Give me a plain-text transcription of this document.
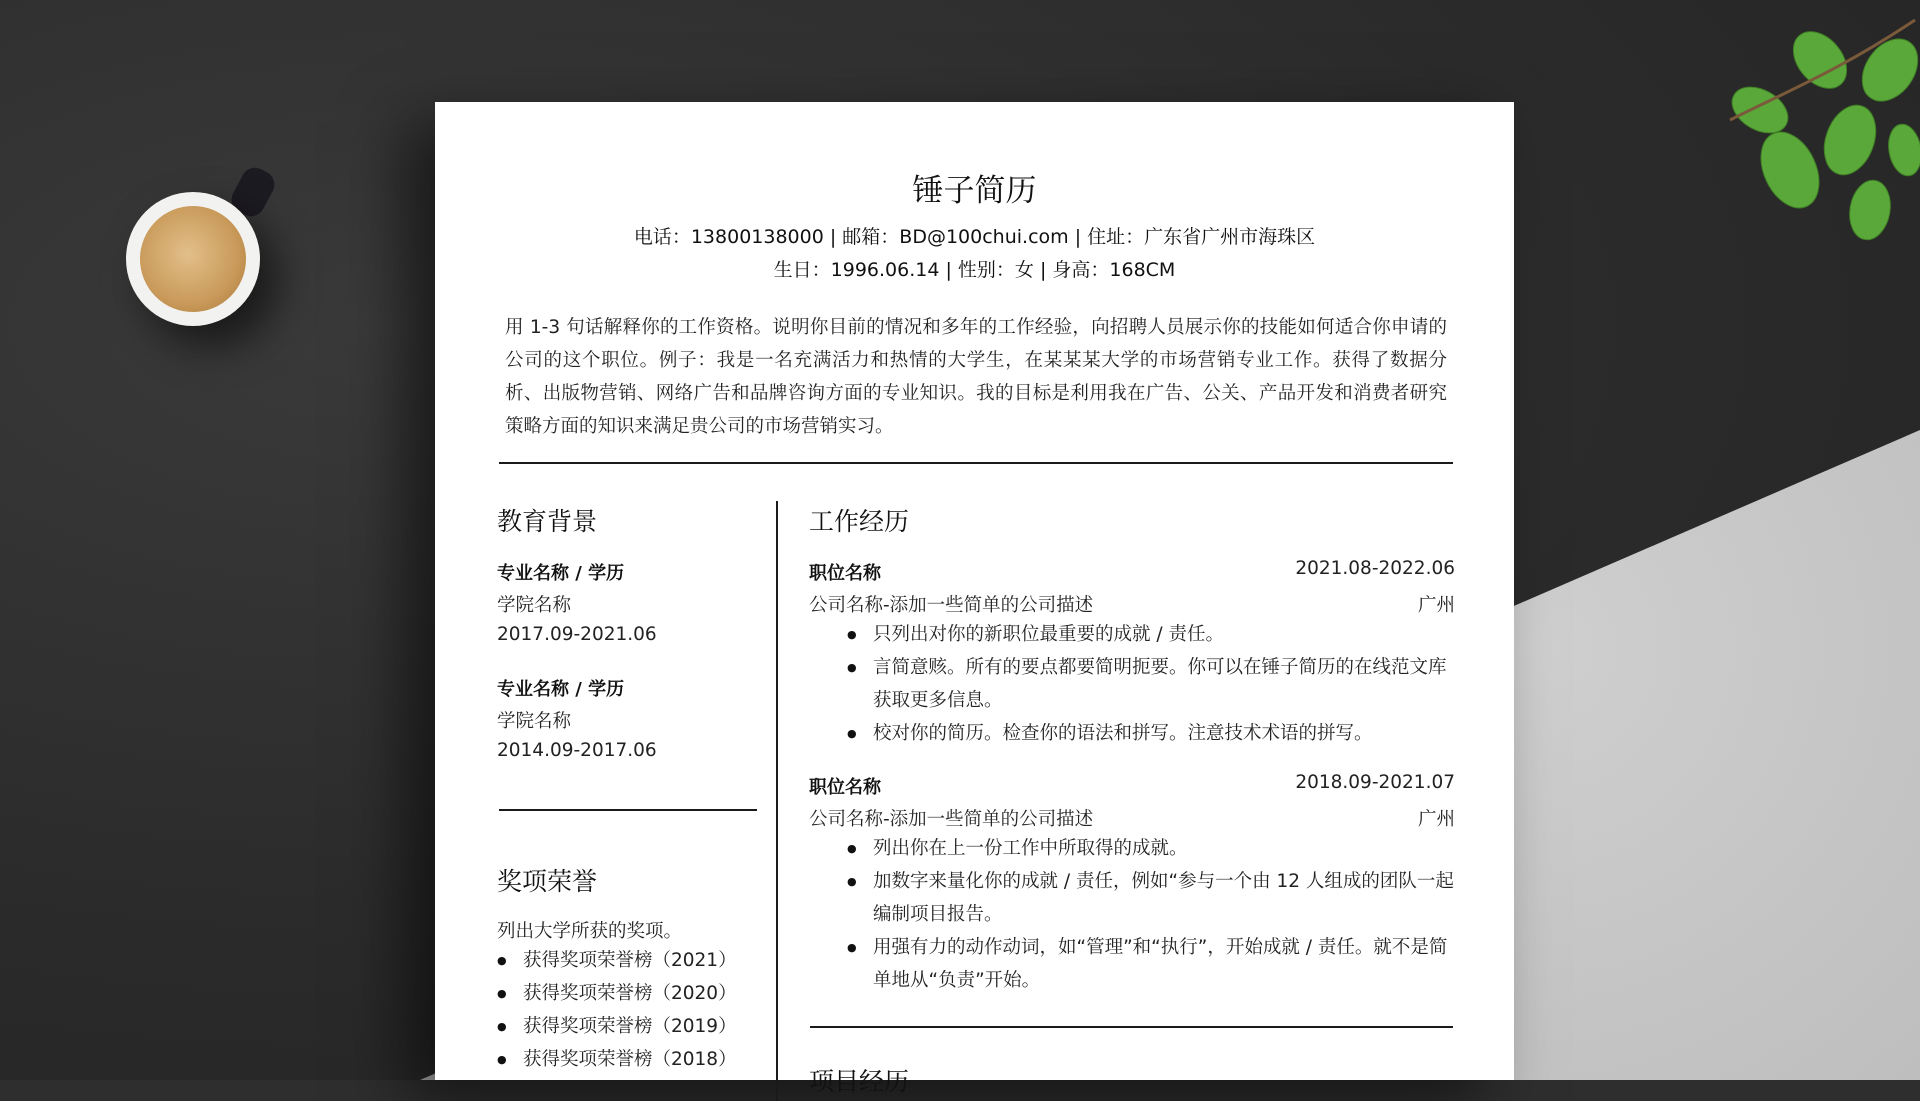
锤子简历
电话：13800138000 | 邮箱：BD@100chui.com | 住址：广东省广州市海珠区
生日：1996.06.14 | 性别：女 | 身高：168CM
用 1-3 句话解释你的工作资格。说明你目前的情况和多年的工作经验，向招聘人员展示你的技能如何适合你申请的公司的这个职位。例子：我是一名充满活力和热情的大学生，在某某某大学的市场营销专业工作。获得了数据分析、出版物营销、网络广告和品牌咨询方面的专业知识。我的目标是利用我在广告、公关、产品开发和消费者研究策略方面的知识来满足贵公司的市场营销实习。
教育背景
专业名称 / 学历
学院名称
2017.09-2021.06
专业名称 / 学历
学院名称
2014.09-2017.06
奖项荣誉
列出大学所获的奖项。
● 获得奖项荣誉榜（2021）
● 获得奖项荣誉榜（2020）
● 获得奖项荣誉榜（2019）
● 获得奖项荣誉榜（2018）
工作经历
职位名称	2021.08-2022.06
公司名称-添加一些简单的公司描述	广州
● 只列出对你的新职位最重要的成就 / 责任。
● 言简意赅。所有的要点都要简明扼要。你可以在锤子简历的在线范文库获取更多信息。
● 校对你的简历。检查你的语法和拼写。注意技术术语的拼写。
职位名称	2018.09-2021.07
公司名称-添加一些简单的公司描述	广州
● 列出你在上一份工作中所取得的成就。
● 加数字来量化你的成就 / 责任，例如“参与一个由 12 人组成的团队一起编制项目报告。
● 用强有力的动作动词，如“管理”和“执行”，开始成就 / 责任。就不是简单地从“负责”开始。
项目经历
